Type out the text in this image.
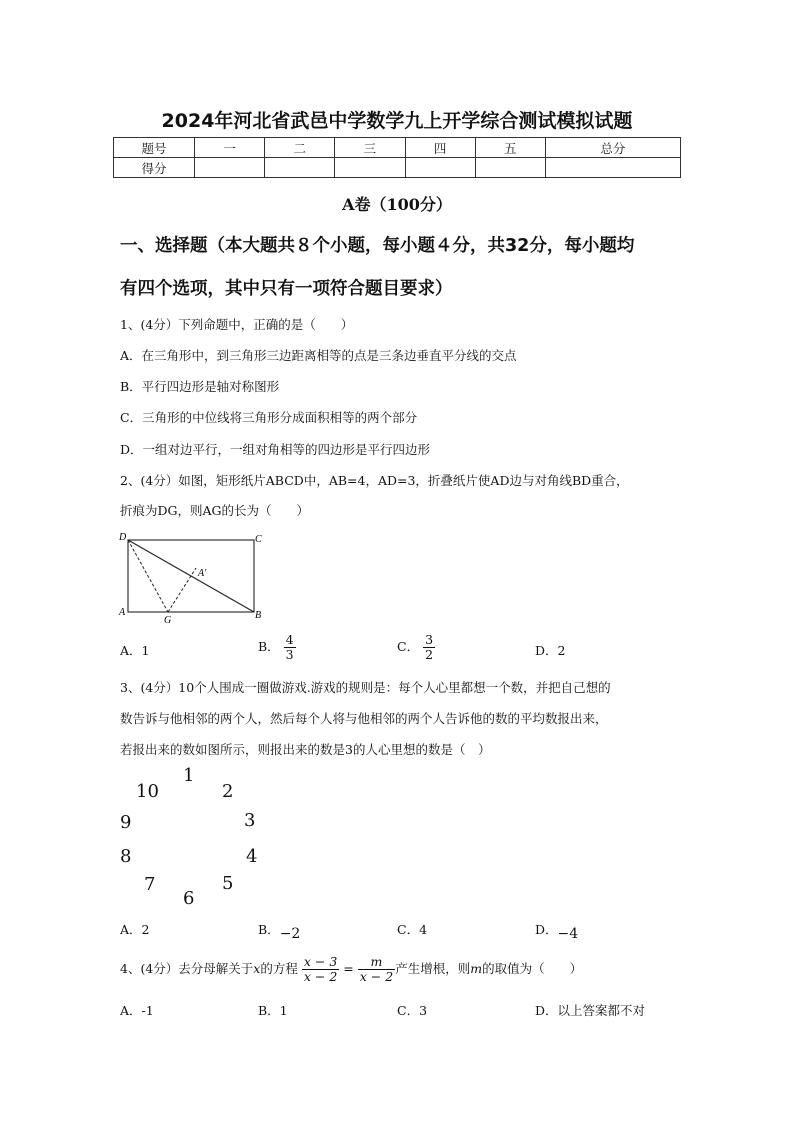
2024年河北省武邑中学数学九上开学综合测试模拟试题
题号	一	二	三	四	五	总分
得分						
A卷（100分）
一、选择题（本大题共８个小题，每小题４分，共32分，每小题均
有四个选项，其中只有一项符合题目要求）
1、(4分）下列命题中，正确的是（　　）
A．在三角形中，到三角形三边距离相等的点是三条边垂直平分线的交点
B．平行四边形是轴对称图形
C．三角形的中位线将三角形分成面积相等的两个部分
D．一组对边平行，一组对角相等的四边形是平行四边形
2、(4分）如图，矩形纸片ABCD中，AB=4，AD=3，折叠纸片使AD边与对角线BD重合，
折痕为DG，则AG的长为（　　）
D	C
A	B
G
A′
A．1	B． $\frac{4}{3}$	C． $\frac{3}{2}$	D．2
3、(4分）10个人围成一圈做游戏.游戏的规则是：每个人心里都想一个数，并把自己想的
数告诉与他相邻的两个人，然后每个人将与他相邻的两个人告诉他的数的平均数报出来，
若报出来的数如图所示，则报出来的数是3的人心里想的数是（　）
1
2
3
4
5
6
7
8
9
10
A．2	B．−2	C．4	D．−4
4、(4分）去分母解关于x的方程 $\frac{x - 3}{x - 2} = \frac{m}{x - 2}$ 产生增根，则m的取值为（　　）
A．-1	B．1	C．3	D．以上答案都不对
